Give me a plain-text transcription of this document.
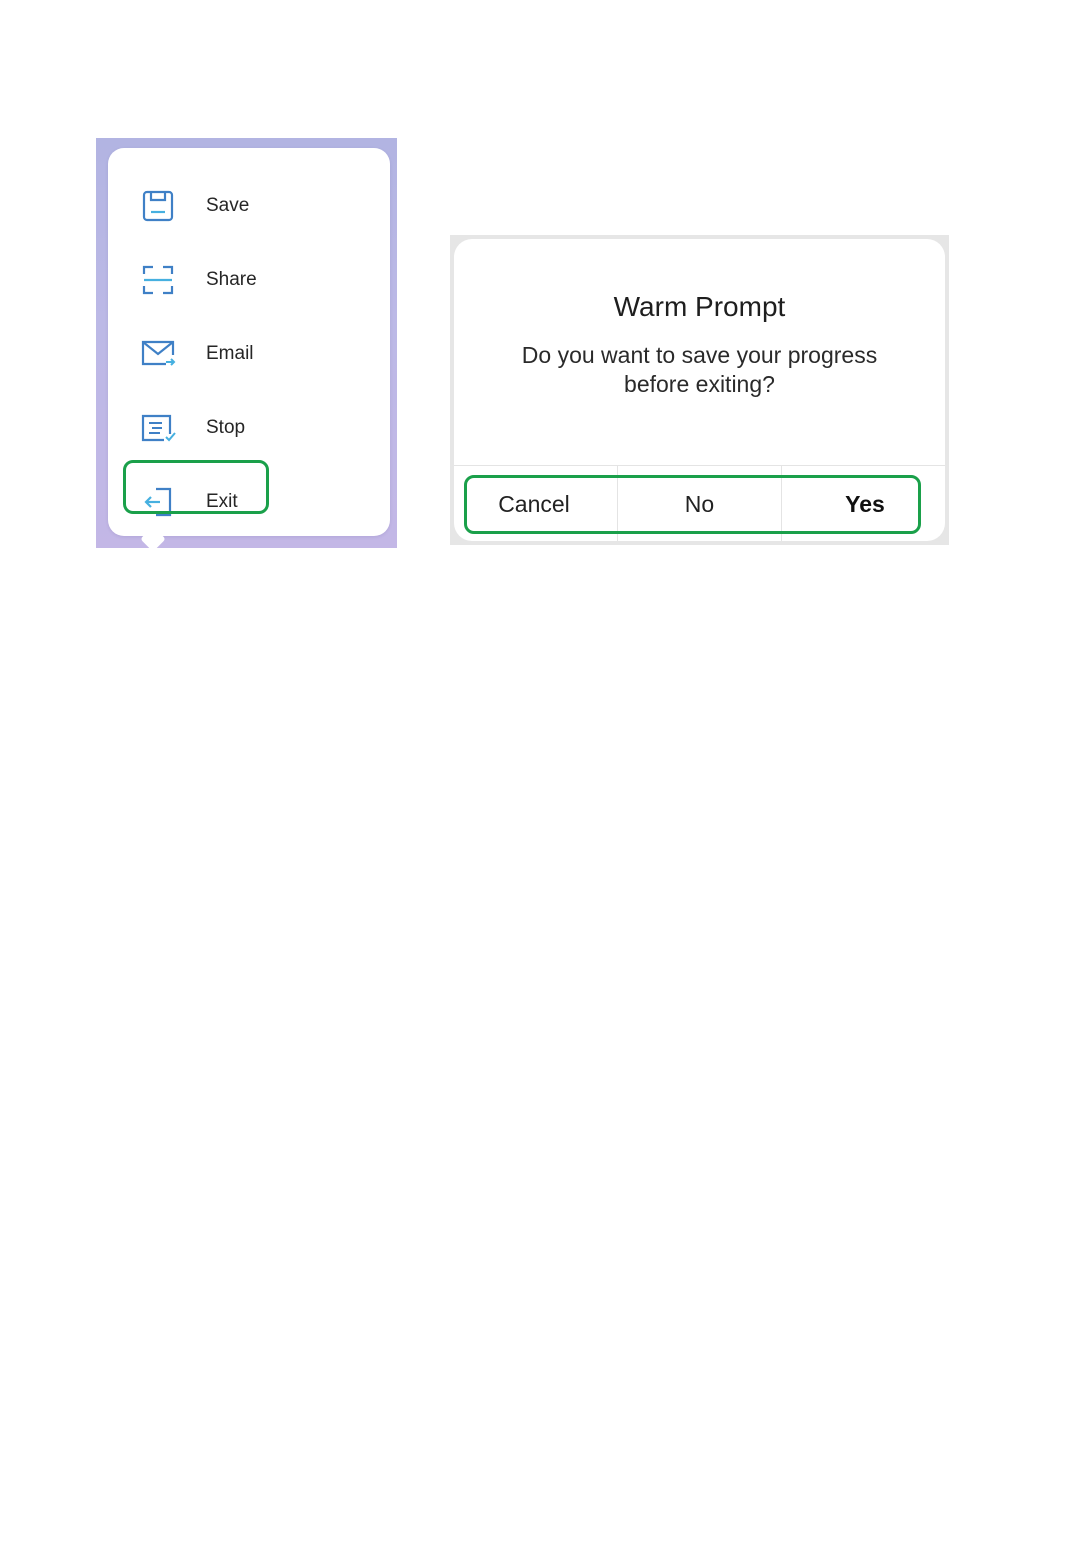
Save
Share
Email
Stop
Exit
Warm Prompt
Do you want to save your progress
before exiting?
Cancel	No	Yes
